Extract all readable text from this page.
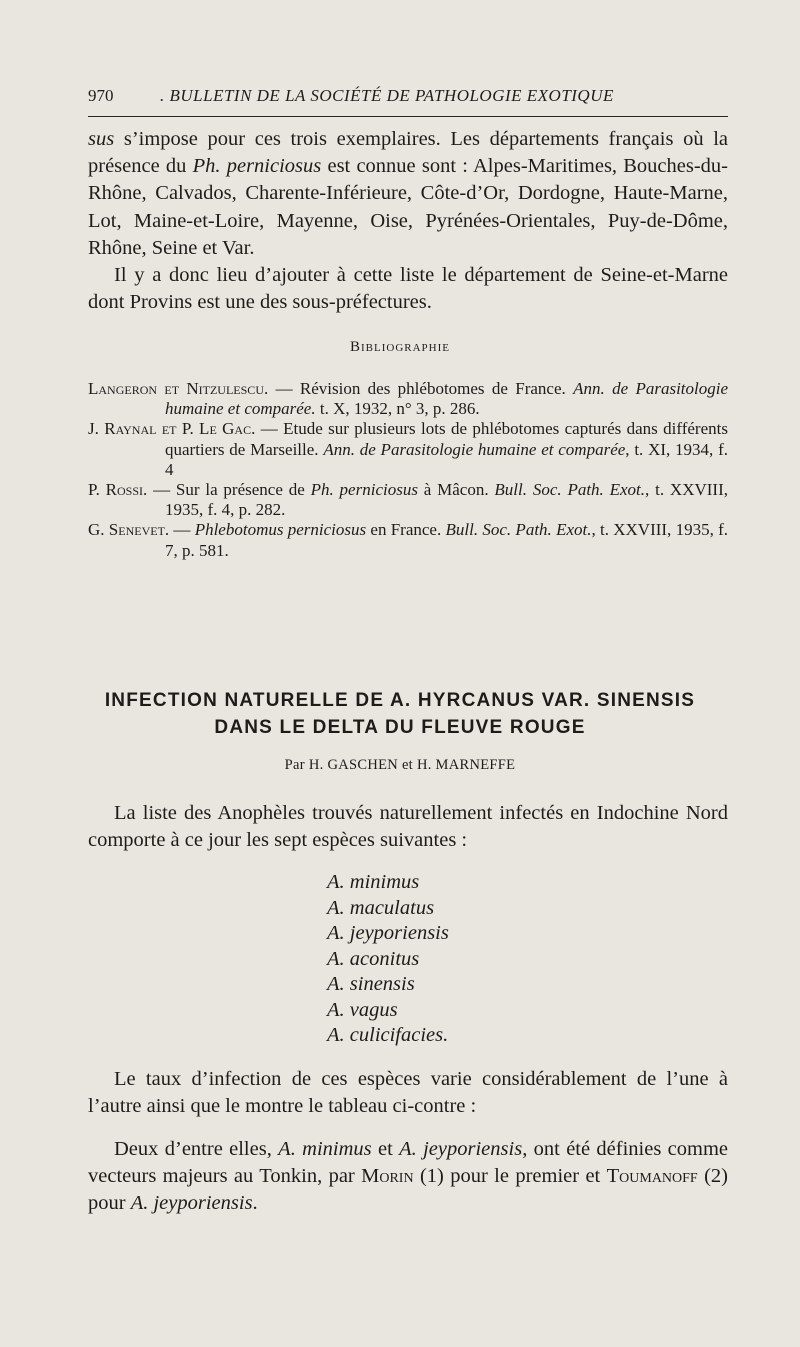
970	. BULLETIN DE LA SOCIÉTÉ DE PATHOLOGIE EXOTIQUE

sus s’impose pour ces trois exemplaires. Les départements français où la présence du Ph. perniciosus est connue sont : Alpes-Maritimes, Bouches-du-Rhône, Calvados, Charente-Inférieure, Côte-d’Or, Dordogne, Haute-Marne, Lot, Maine-et-Loire, Mayenne, Oise, Pyrénées-Orientales, Puy-de-Dôme, Rhône, Seine et Var.

Il y a donc lieu d’ajouter à cette liste le département de Seine-et-Marne dont Provins est une des sous-préfectures.

Bibliographie

Langeron et Nitzulescu. — Révision des phlébotomes de France. Ann. de Parasitologie humaine et comparée. t. X, 1932, n° 3, p. 286.

J. Raynal et P. Le Gac. — Etude sur plusieurs lots de phlébotomes capturés dans différents quartiers de Marseille. Ann. de Parasitologie humaine et comparée, t. XI, 1934, f. 4

P. Rossi. — Sur la présence de Ph. perniciosus à Mâcon. Bull. Soc. Path. Exot., t. XXVIII, 1935, f. 4, p. 282.

G. Senevet. — Phlebotomus perniciosus en France. Bull. Soc. Path. Exot., t. XXVIII, 1935, f. 7, p. 581.

INFECTION NATURELLE DE A. HYRCANUS VAR. SINENSIS
DANS LE DELTA DU FLEUVE ROUGE
Par H. GASCHEN et H. MARNEFFE

La liste des Anophèles trouvés naturellement infectés en Indochine Nord comporte à ce jour les sept espèces suivantes :

A. minimus
A. maculatus
A. jeyporiensis
A. aconitus
A. sinensis
A. vagus
A. culicifacies.

Le taux d’infection de ces espèces varie considérablement de l’une à l’autre ainsi que le montre le tableau ci-contre :

Deux d’entre elles, A. minimus et A. jeyporiensis, ont été définies comme vecteurs majeurs au Tonkin, par Morin (1) pour le premier et Toumanoff (2) pour A. jeyporiensis.
